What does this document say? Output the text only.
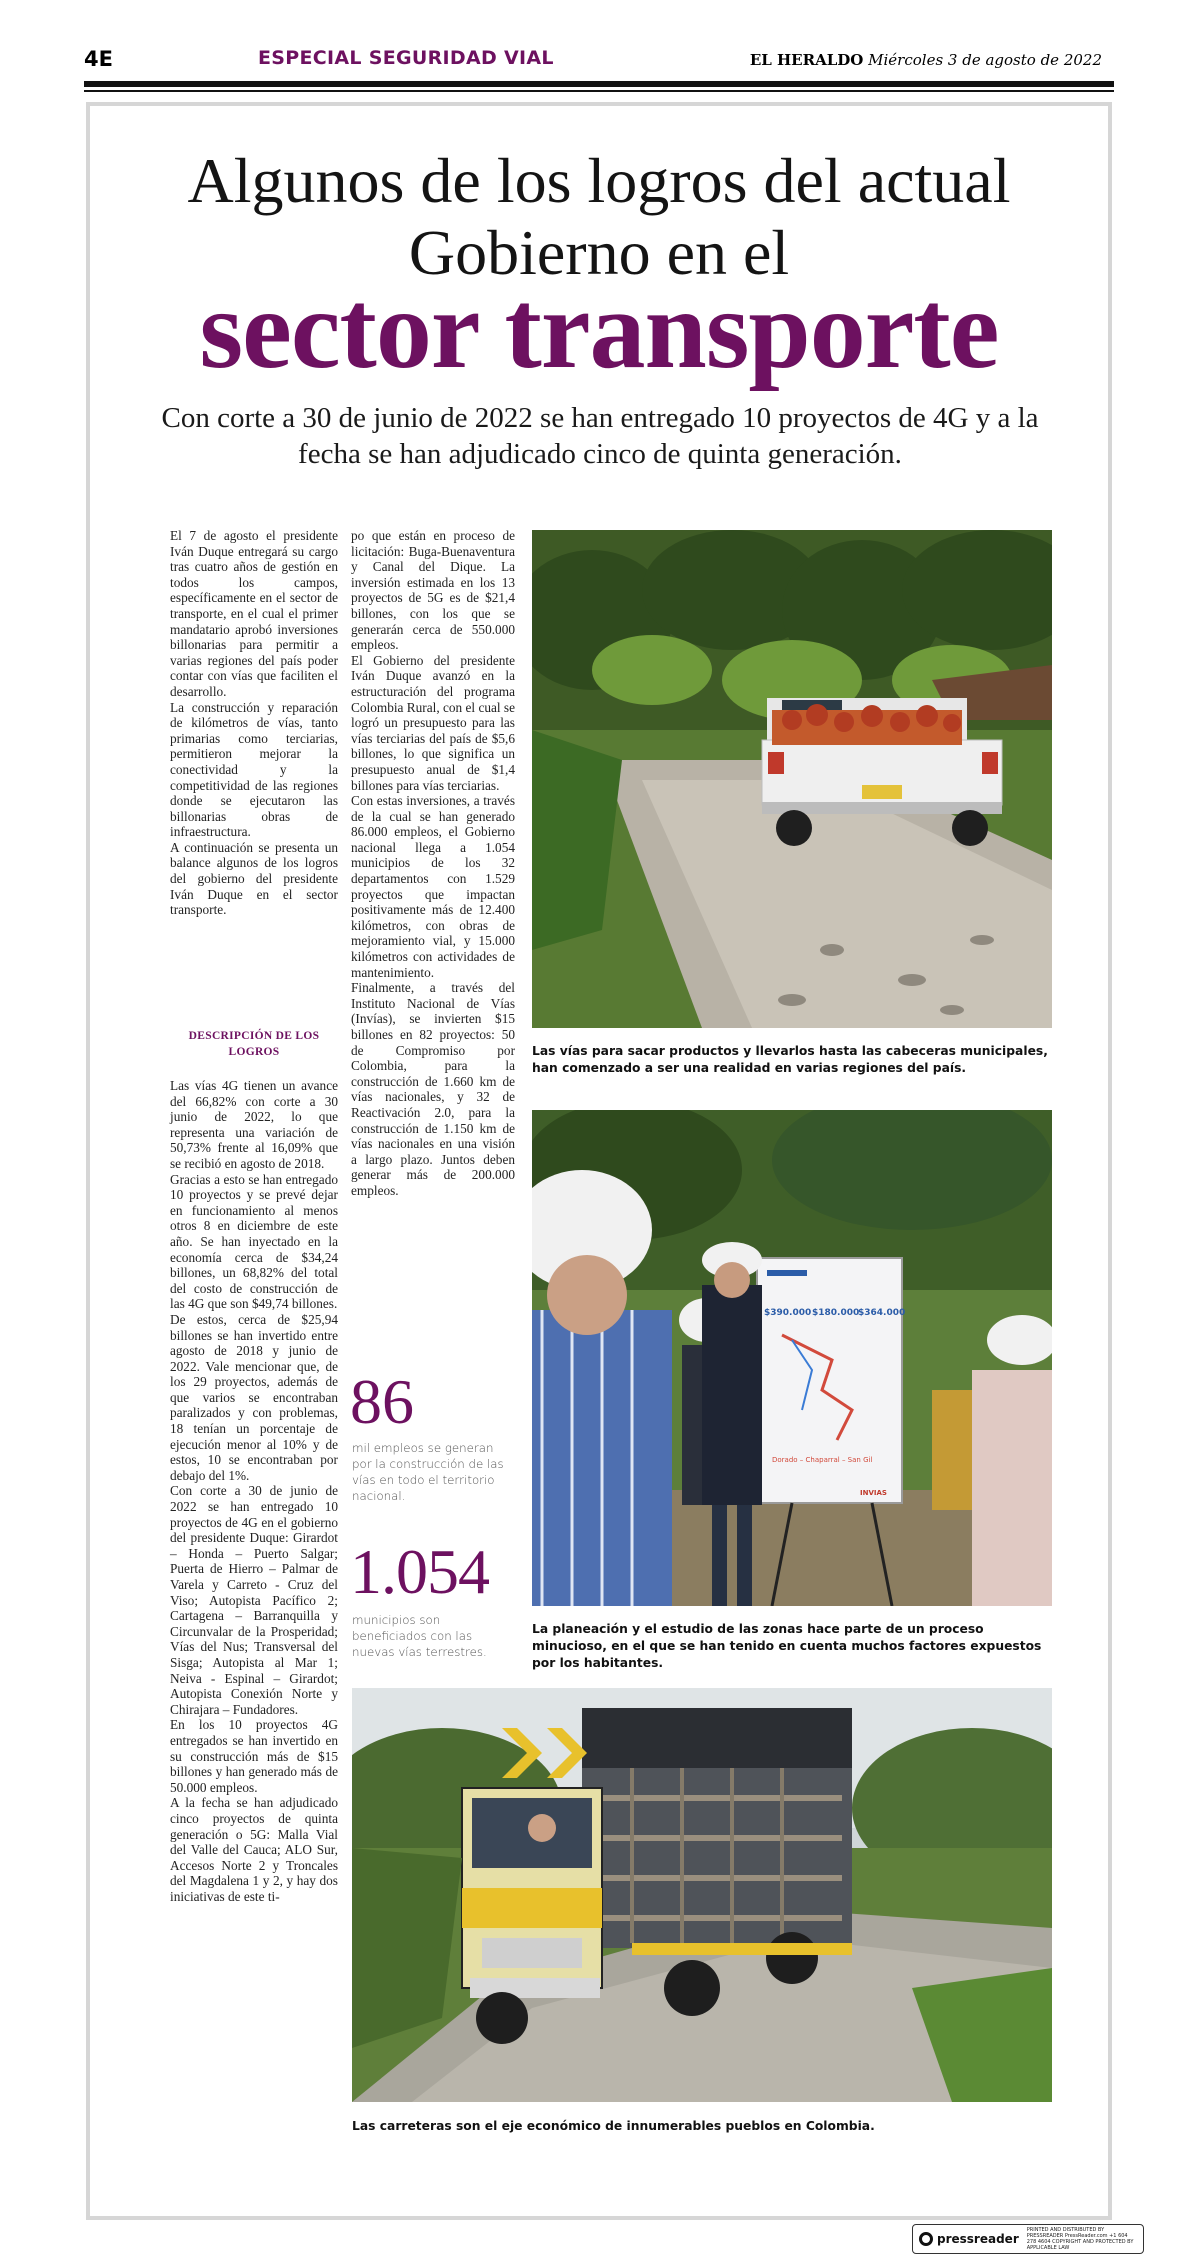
4E	ESPECIAL SEGURIDAD VIAL	EL HERALDO Miércoles 3 de agosto de 2022
Algunos de los logros del actual
Gobierno en el
sector transporte
Con corte a 30 de junio de 2022 se han entregado 10 proyectos de 4G y a la fecha se han adjudicado cinco de quinta generación.

El 7 de agosto el presidente Iván Duque entregará su cargo tras cuatro años de gestión en todos los campos, específicamente en el sector de transporte, en el cual el primer mandatario aprobó inversiones billonarias para permitir a varias regiones del país poder contar con vías que faciliten el desarrollo.

La construcción y reparación de kilómetros de vías, tanto primarias como terciarias, permitieron mejorar la conectividad y la competitividad de las regiones donde se ejecutaron las billonarias obras de infraestructura.

A continuación se presenta un balance algunos de los logros del gobierno del presidente Iván Duque en el sector transporte.

DESCRIPCIÓN DE LOS LOGROS

Las vías 4G tienen un avance del 66,82% con corte a 30 junio de 2022, lo que representa una variación de 50,73% frente al 16,09% que se recibió en agosto de 2018.

Gracias a esto se han entregado 10 proyectos y se prevé dejar en funcionamiento al menos otros 8 en diciembre de este año. Se han inyectado en la economía cerca de $34,24 billones, un 68,82% del total del costo de construcción de las 4G que son $49,74 billones.

De estos, cerca de $25,94 billones se han invertido entre agosto de 2018 y junio de 2022. Vale mencionar que, de los 29 proyectos, además de que varios se encontraban paralizados y con problemas, 18 tenían un porcentaje de ejecución menor al 10% y de estos, 10 se encontraban por debajo del 1%.

Con corte a 30 de junio de 2022 se han entregado 10 proyectos de 4G en el gobierno del presidente Duque: Girardot – Honda – Puerto Salgar; Puerta de Hierro – Palmar de Varela y Carreto - Cruz del Viso; Autopista Pacífico 2; Cartagena – Barranquilla y Circunvalar de la Prosperidad; Vías del Nus; Transversal del Sisga; Autopista al Mar 1; Neiva - Espinal – Girardot; Autopista Conexión Norte y Chirajara – Fundadores.

En los 10 proyectos 4G entregados se han invertido en su construcción más de $15 billones y han generado más de 50.000 empleos.

A la fecha se han adjudicado cinco proyectos de quinta generación o 5G: Malla Vial del Valle del Cauca; ALO Sur, Accesos Norte 2 y Troncales del Magdalena 1 y 2, y hay dos iniciativas de este ti-

po que están en proceso de licitación: Buga-Buenaventura y Canal del Dique. La inversión estimada en los 13 proyectos de 5G es de $21,4 billones, con los que se generarán cerca de 550.000 empleos.

El Gobierno del presidente Iván Duque avanzó en la estructuración del programa Colombia Rural, con el cual se logró un presupuesto para las vías terciarias del país de $5,6 billones, lo que significa un presupuesto anual de $1,4 billones para vías terciarias.

Con estas inversiones, a través de la cual se han generado 86.000 empleos, el Gobierno nacional llega a 1.054 municipios de los 32 departamentos con 1.529 proyectos que impactan positivamente más de 12.400 kilómetros, con obras de mejoramiento vial, y 15.000 kilómetros con actividades de mantenimiento.

Finalmente, a través del Instituto Nacional de Vías (Invías), se invierten $15 billones en 82 proyectos: 50 de Compromiso por Colombia, para la construcción de 1.660 km de vías nacionales, y 32 de Reactivación 2.0, para la construcción de 1.150 km de vías nacionales en una visión a largo plazo. Juntos deben generar más de 200.000 empleos.

86
mil empleos se generan por la construcción de las vías en todo el territorio nacional.
1.054
municipios son beneficiados con las nuevas vías terrestres.
Las vías para sacar productos y llevarlos hasta las cabeceras municipales, han comenzado a ser una realidad en varias regiones del país.
$390.000 $180.000
$364.000
Dorado – Chaparral – San Gil
INVIAS
La planeación y el estudio de las zonas hace parte de un proceso minucioso, en el que se han tenido en cuenta muchos factores expuestos por los habitantes.
Las carreteras son el eje económico de innumerables pueblos en Colombia.
pressreader
PRINTED AND DISTRIBUTED BY PRESSREADER PressReader.com +1 604 278 4604 COPYRIGHT AND PROTECTED BY APPLICABLE LAW
